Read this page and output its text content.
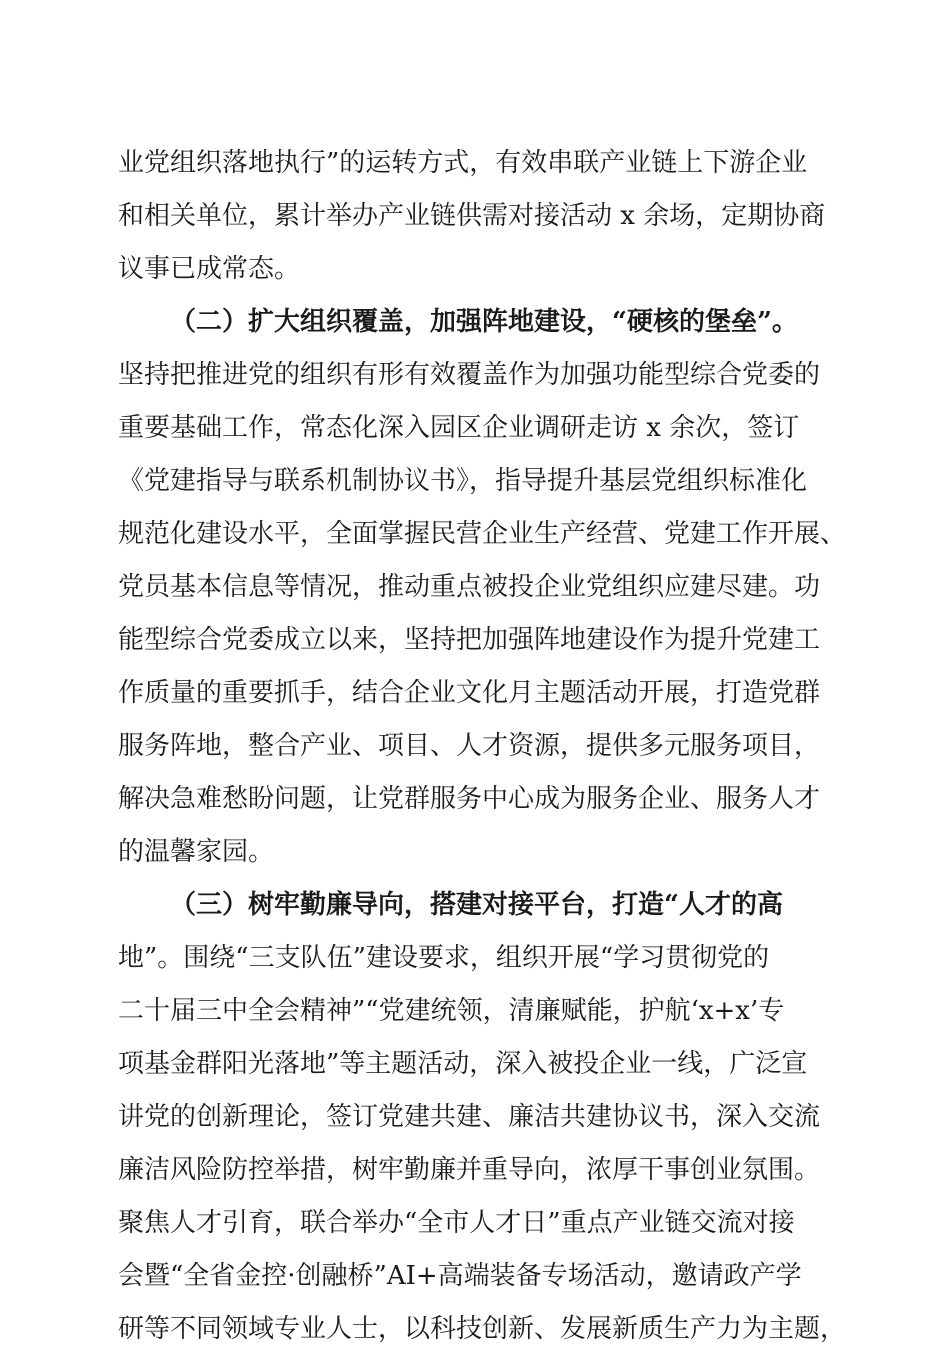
业党组织落地执行”的运转方式，有效串联产业链上下游企业
和相关单位，累计举办产业链供需对接活动 x 余场，定期协商
议事已成常态。
（二）扩大组织覆盖，加强阵地建设，“硬核的堡垒”。
坚持把推进党的组织有形有效覆盖作为加强功能型综合党委的
重要基础工作，常态化深入园区企业调研走访 x 余次，签订
《党建指导与联系机制协议书》，指导提升基层党组织标准化
规范化建设水平，全面掌握民营企业生产经营、党建工作开展、
党员基本信息等情况，推动重点被投企业党组织应建尽建。功
能型综合党委成立以来，坚持把加强阵地建设作为提升党建工
作质量的重要抓手，结合企业文化月主题活动开展，打造党群
服务阵地，整合产业、项目、人才资源，提供多元服务项目，
解决急难愁盼问题，让党群服务中心成为服务企业、服务人才
的温馨家园。
（三）树牢勤廉导向，搭建对接平台，打造“人才的高
地”。围绕“三支队伍”建设要求，组织开展“学习贯彻党的
二十届三中全会精神”“党建统领，清廉赋能，护航‘x+x’专
项基金群阳光落地”等主题活动，深入被投企业一线，广泛宣
讲党的创新理论，签订党建共建、廉洁共建协议书，深入交流
廉洁风险防控举措，树牢勤廉并重导向，浓厚干事创业氛围。
聚焦人才引育，联合举办“全市人才日”重点产业链交流对接
会暨“全省金控·创融桥”AI+高端装备专场活动，邀请政产学
研等不同领域专业人士，以科技创新、发展新质生产力为主题，
